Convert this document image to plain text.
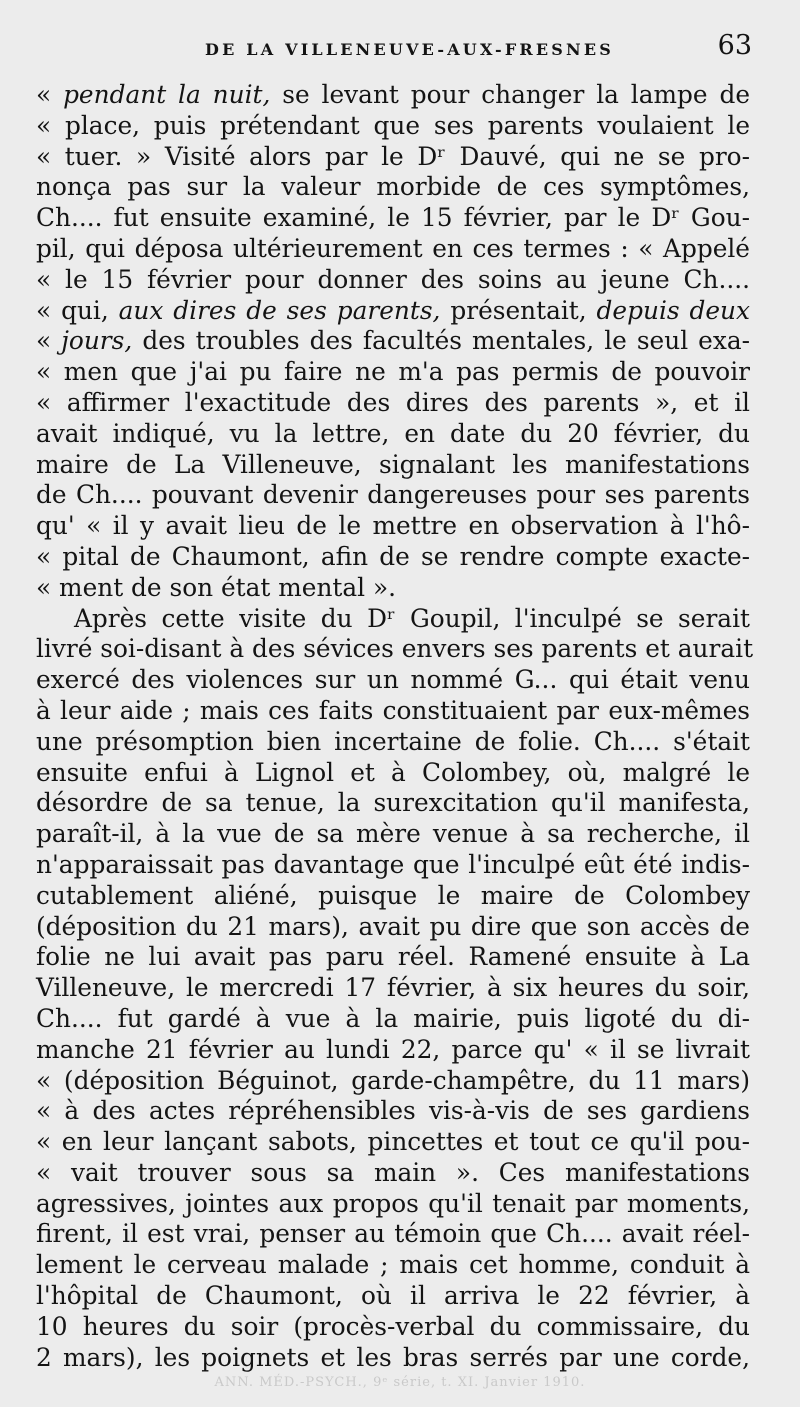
DE LA VILLENEUVE-AUX-FRESNES	63
« pendant la nuit, se levant pour changer la lampe de
« place, puis prétendant que ses parents voulaient le
« tuer. » Visité alors par le Dʳ Dauvé, qui ne se pro-
nonça pas sur la valeur morbide de ces symptômes,
Ch.... fut ensuite examiné, le 15 février, par le Dʳ Gou-
pil, qui déposa ultérieurement en ces termes : « Appelé
« le 15 février pour donner des soins au jeune Ch....
« qui, aux dires de ses parents, présentait, depuis deux
« jours, des troubles des facultés mentales, le seul exa-
« men que j'ai pu faire ne m'a pas permis de pouvoir
« affirmer l'exactitude des dires des parents », et il
avait indiqué, vu la lettre, en date du 20 février, du
maire de La Villeneuve, signalant les manifestations
de Ch.... pouvant devenir dangereuses pour ses parents
qu' « il y avait lieu de le mettre en observation à l'hô-
« pital de Chaumont, afin de se rendre compte exacte-
« ment de son état mental ».
Après cette visite du Dʳ Goupil, l'inculpé se serait
livré soi-disant à des sévices envers ses parents et aurait
exercé des violences sur un nommé G... qui était venu
à leur aide ; mais ces faits constituaient par eux-mêmes
une présomption bien incertaine de folie. Ch.... s'était
ensuite enfui à Lignol et à Colombey, où, malgré le
désordre de sa tenue, la surexcitation qu'il manifesta,
paraît-il, à la vue de sa mère venue à sa recherche, il
n'apparaissait pas davantage que l'inculpé eût été indis-
cutablement aliéné, puisque le maire de Colombey
(déposition du 21 mars), avait pu dire que son accès de
folie ne lui avait pas paru réel. Ramené ensuite à La
Villeneuve, le mercredi 17 février, à six heures du soir,
Ch.... fut gardé à vue à la mairie, puis ligoté du di-
manche 21 février au lundi 22, parce qu' « il se livrait
« (déposition Béguinot, garde-champêtre, du 11 mars)
« à des actes répréhensibles vis-à-vis de ses gardiens
« en leur lançant sabots, pincettes et tout ce qu'il pou-
« vait trouver sous sa main ». Ces manifestations
agressives, jointes aux propos qu'il tenait par moments,
firent, il est vrai, penser au témoin que Ch.... avait réel-
lement le cerveau malade ; mais cet homme, conduit à
l'hôpital de Chaumont, où il arriva le 22 février, à
10 heures du soir (procès-verbal du commissaire, du
2 mars), les poignets et les bras serrés par une corde,
ANN. MÉD.-PSYCH., 9ᵉ série, t. XI. Janvier 1910.
